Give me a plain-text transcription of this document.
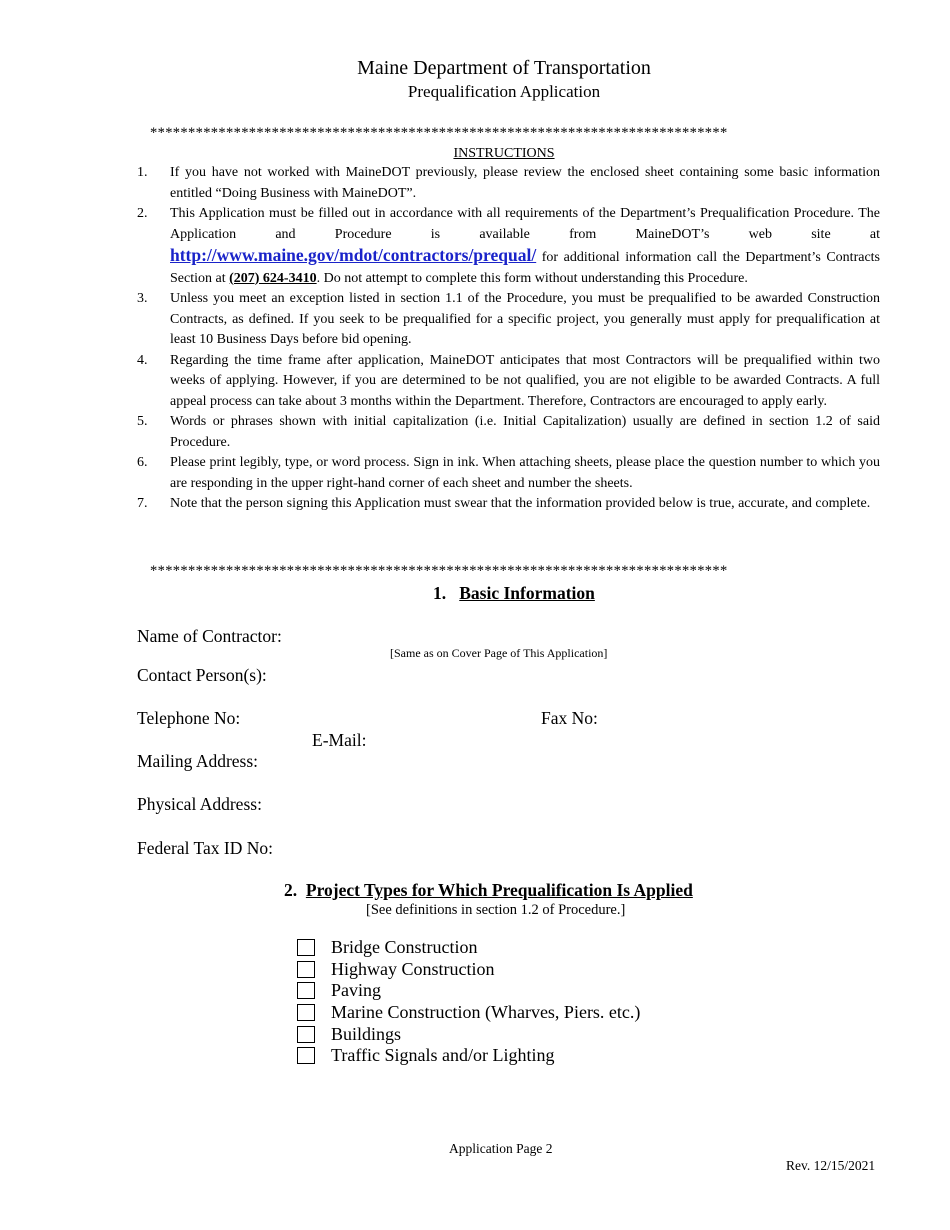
Maine Department of Transportation
Prequalification Application
****************************************************************************
INSTRUCTIONS
1.	If you have not worked with MaineDOT previously, please review the enclosed sheet containing some basic information entitled “Doing Business with MaineDOT”.
2.	This Application must be filled out in accordance with all requirements of the Department’s Prequalification Procedure. The Application and Procedure is available from MaineDOT’s web site at http://www.maine.gov/mdot/contractors/prequal/ for additional information call the Department’s Contracts Section at (207) 624-3410. Do not attempt to complete this form without understanding this Procedure.
3.	Unless you meet an exception listed in section 1.1 of the Procedure, you must be prequalified to be awarded Construction Contracts, as defined. If you seek to be prequalified for a specific project, you generally must apply for prequalification at least 10 Business Days before bid opening.
4.	Regarding the time frame after application, MaineDOT anticipates that most Contractors will be prequalified within two weeks of applying. However, if you are determined to be not qualified, you are not eligible to be awarded Contracts. A full appeal process can take about 3 months within the Department. Therefore, Contractors are encouraged to apply early.
5.	Words or phrases shown with initial capitalization (i.e. Initial Capitalization) usually are defined in section 1.2 of said Procedure.
6.	Please print legibly, type, or word process. Sign in ink. When attaching sheets, please place the question number to which you are responding in the upper right-hand corner of each sheet and number the sheets.
7.	Note that the person signing this Application must swear that the information provided below is true, accurate, and complete.
****************************************************************************
1. Basic Information
Name of Contractor:
[Same as on Cover Page of This Application]
Contact Person(s):
Telephone No:	Fax No:
E-Mail:
Mailing Address:
Physical Address:
Federal Tax ID No:
2. Project Types for Which Prequalification Is Applied
[See definitions in section 1.2 of Procedure.]
Bridge Construction
Highway Construction
Paving
Marine Construction (Wharves, Piers. etc.)
Buildings
Traffic Signals and/or Lighting
Application Page 2
Rev. 12/15/2021
